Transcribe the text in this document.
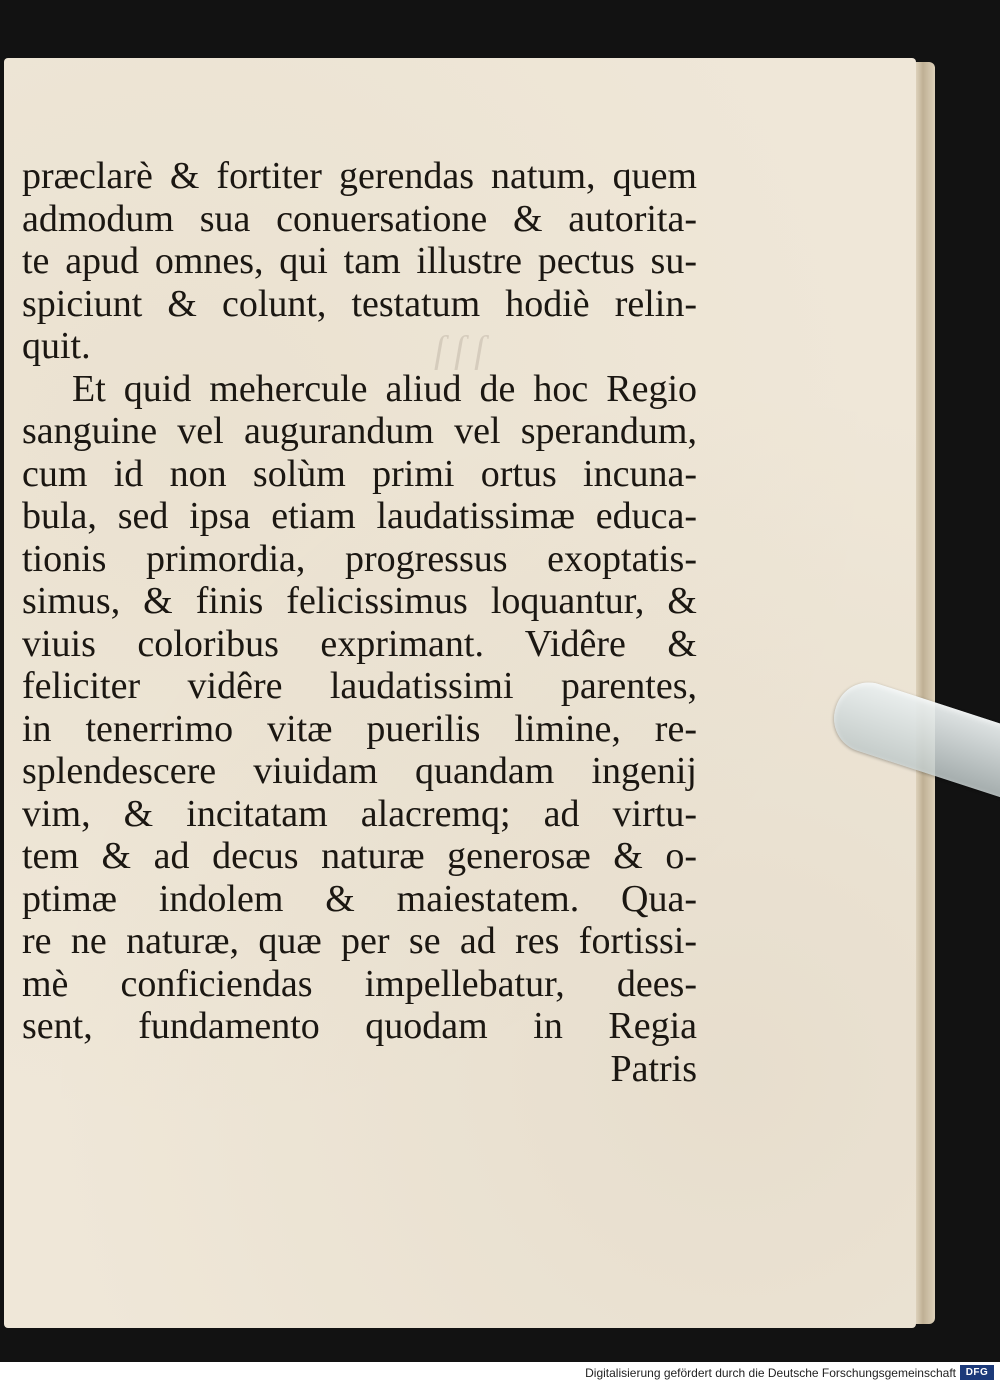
ſ ſ ſ
præclarè & fortiter gerendas natum, quem
admodum sua conuersatione & autorita-
te apud omnes, qui tam illustre pectus su-
spiciunt & colunt, testatum hodiè relin-
quit.
Et quid mehercule aliud de hoc Regio
sanguine vel augurandum vel sperandum,
cum id non solùm primi ortus incuna-
bula, sed ipsa etiam laudatissimæ educa-
tionis primordia, progressus exoptatis-
simus, & finis felicissimus loquantur, &
viuis coloribus exprimant. Vidêre &
feliciter vidêre laudatissimi parentes,
in tenerrimo vitæ puerilis limine, re-
splendescere viuidam quandam ingenij
vim, & incitatam alacremq; ad virtu-
tem & ad decus naturæ generosæ & o-
ptimæ indolem & maiestatem. Qua-
re ne naturæ, quæ per se ad res fortissi-
mè conficiendas impellebatur, dees-
sent, fundamento quodam in Regia
Patris
Digitalisierung gefördert durch die Deutsche Forschungsgemeinschaft DFG
